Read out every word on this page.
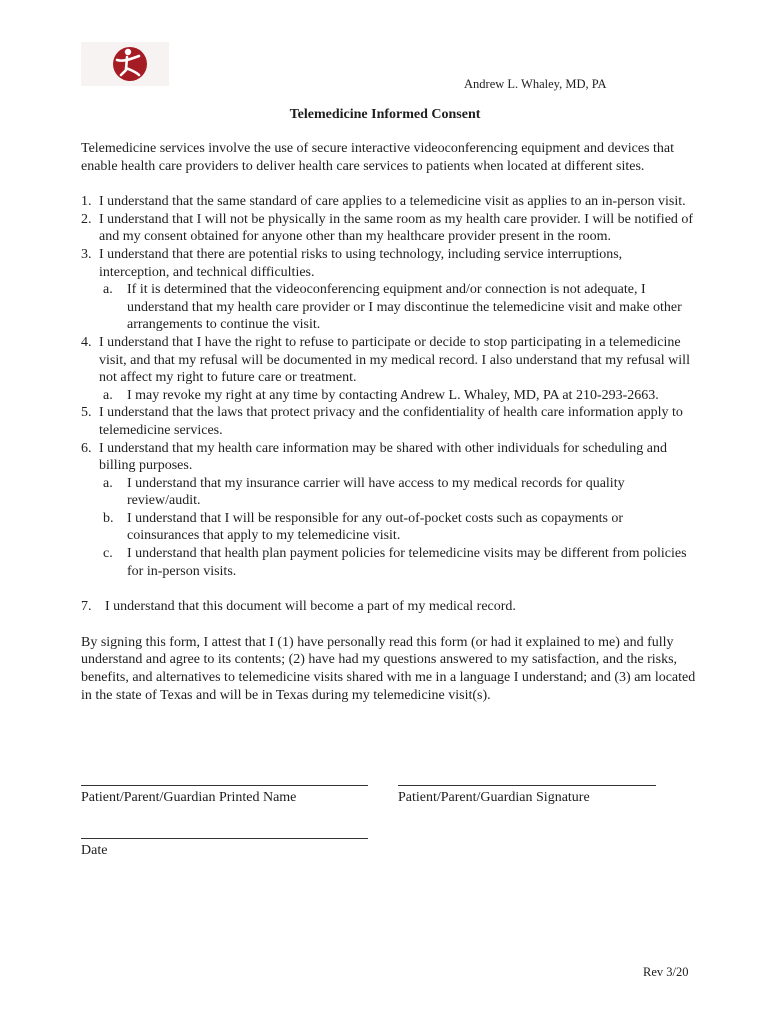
Andrew L. Whaley, MD, PA
Telemedicine Informed Consent

Telemedicine services involve the use of secure interactive videoconferencing equipment and devices that enable health care providers to deliver health care services to patients when located at different sites.

1. I understand that the same standard of care applies to a telemedicine visit as applies to an in-person visit.
2. I understand that I will not be physically in the same room as my health care provider. I will be notified of and my consent obtained for anyone other than my healthcare provider present in the room.
3. I understand that there are potential risks to using technology, including service interruptions, interception, and technical difficulties.
a.	If it is determined that the videoconferencing equipment and/or connection is not adequate, I understand that my health care provider or I may discontinue the telemedicine visit and make other arrangements to continue the visit.
4. I understand that I have the right to refuse to participate or decide to stop participating in a telemedicine visit, and that my refusal will be documented in my medical record. I also understand that my refusal will not affect my right to future care or treatment.
a.	I may revoke my right at any time by contacting Andrew L. Whaley, MD, PA at 210-293-2663.
5. I understand that the laws that protect privacy and the confidentiality of health care information apply to telemedicine services.
6. I understand that my health care information may be shared with other individuals for scheduling and billing purposes.
a.	I understand that my insurance carrier will have access to my medical records for quality review/audit.
b. I understand that I will be responsible for any out-of-pocket costs such as copayments or coinsurances that apply to my telemedicine visit.
c.	I understand that health plan payment policies for telemedicine visits may be different from policies for in-person visits.
7. I understand that this document will become a part of my medical record.

By signing this form, I attest that I (1) have personally read this form (or had it explained to me) and fully understand and agree to its contents; (2) have had my questions answered to my satisfaction, and the risks, benefits, and alternatives to telemedicine visits shared with me in a language I understand; and (3) am located in the state of Texas and will be in Texas during my telemedicine visit(s).

Patient/Parent/Guardian Printed Name	Patient/Parent/Guardian Signature
Date
Rev 3/20
